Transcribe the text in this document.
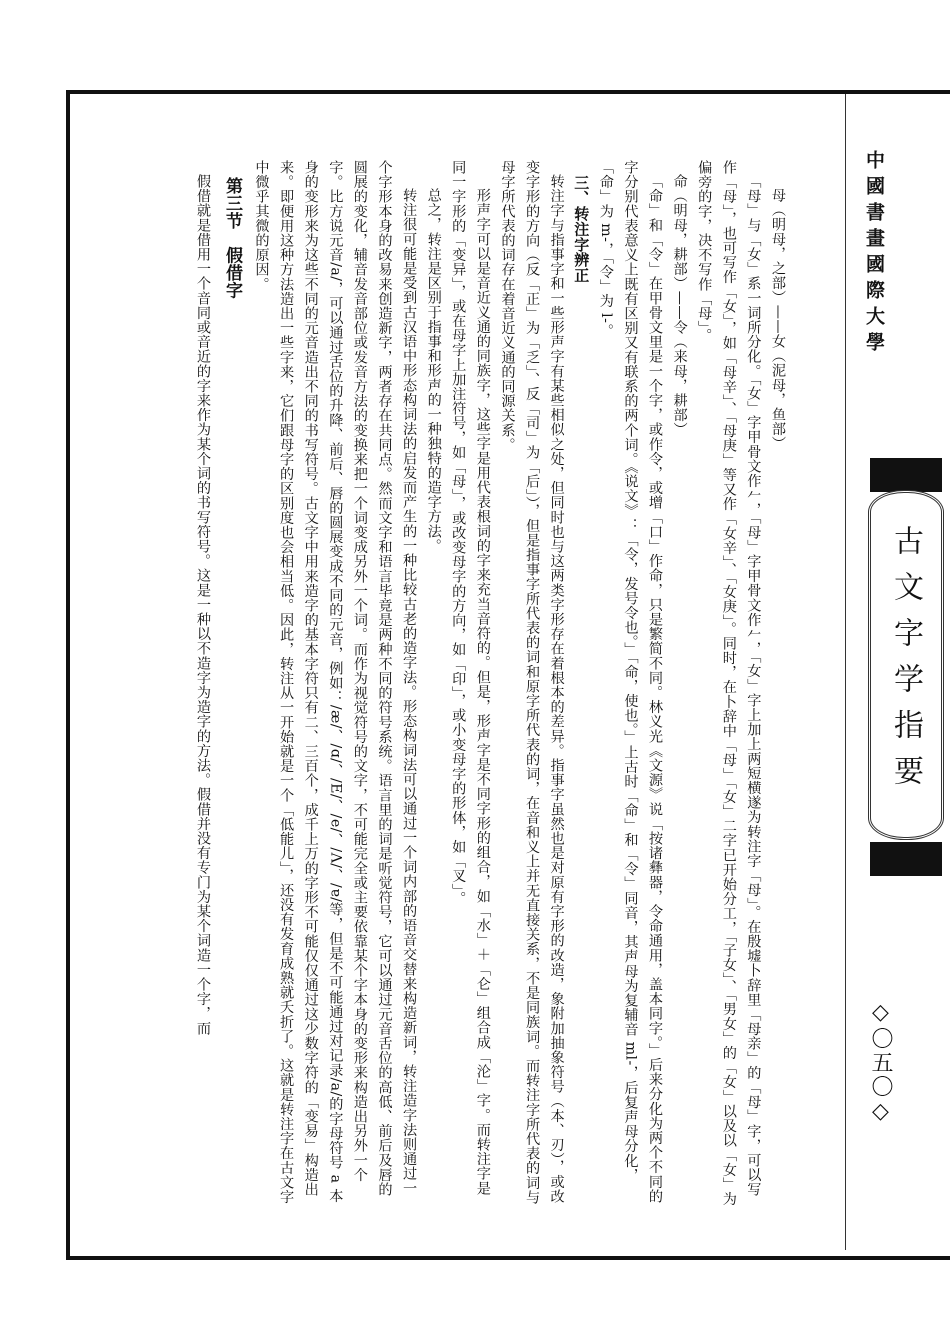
母（明母，之部）——女（泥母，鱼部）

「母」与「女」系一词所分化。「女」字甲骨文作𠂉，「母」字甲骨文作𠂉，「女」字上加上两短横遂为转注字「母」。在殷墟卜辞里「母亲」的「母」字，可以写作「母」，也可写作「女」，如「母辛」、「母庚」等又作「女辛」、「女庚」。同时，在卜辞中「母」「女」二字已开始分工，「子女」、「男女」的「女」以及以「女」为偏旁的字，决不写作「母」。

命（明母，耕部）——令（来母，耕部）

「命」和「令」在甲骨文里是一个字，或作令，或增「口」作命，只是繁简不同。林义光《文源》说「按诸彝器，令命通用，盖本同字。」后来分化为两个不同的字分别代表意义上既有区别又有联系的两个词。《说文》：「令，发号令也。」「命，使也。」上古时「命」和「令」同音，其声母为复辅音 ml-，后复声母分化，「命」为 m-，「令」为 l-。

三、转注字辨正

转注字与指事字和一些形声字有某些相似之处，但同时也与这两类字形存在着根本的差异。指事字虽然也是对原有字形的改造，象附加抽象符号（本、刃），或改变字形的方向（反「正」为「乏」、反「司」为「后」），但是指事字所代表的词和原字所代表的词，在音和义上并无直接关系，不是同族词。而转注字所代表的词与母字所代表的词存在着音近义通的同源关系。

形声字可以是音近义通的同族字，这些字是用代表根词的字来充当音符的。但是，形声字是不同字形的组合，如「水」＋「仑」组合成「沦」字。而转注字是同一字形的「变异」，或在母字上加注符号，如「母」，或改变母字的方向，如「印」，或小变母字的形体，如「叉」。

总之，转注是区别于指事和形声的一种独特的造字方法。

转注很可能是受到古汉语中形态构词法的启发而产生的一种比较古老的造字法。形态构词法可以通过一个词内部的语音交替来构造新词，转注造字法则通过一个字形本身的改易来创造新字，两者存在共同点。然而文字和语言毕竟是两种不同的符号系统。语言里的词是听觉符号，它可以通过元音舌位的高低、前后及唇的圆展的变化，辅音发音部位或发音方法的变换来把一个词变成另外一个词。而作为视觉符号的文字，不可能完全或主要依靠某个字本身的变形来构造出另外一个字。比方说元音/a/，可以通过舌位的升降、前后、唇的圆展变成不同的元音，例如：/æ/、/ɑ/、/E/、/e/、/Λ/、/ɐ/等，但是不可能通过对记录/a/的字母符号 a 本身的变形来为这些不同的元音造出不同的书写符号。古文字中用来造字的基本字符只有二、三百个，成千上万的字形不可能仅仅通过这少数字符的「变易」构造出来。即便用这种方法造出一些字来，它们跟母字的区别度也会相当低。因此，转注从一开始就是一个「低能儿」，还没有发育成熟就夭折了。这就是转注字在古文字中微乎其微的原因。

第三节　假借字

假借就是借用一个音同或音近的字来作为某个词的书写符号。这是一种以不造字为造字的方法。假借并没有专门为某个词造一个字，而	中國書畫國際大學
古文字学指要
◇〇五〇◇
